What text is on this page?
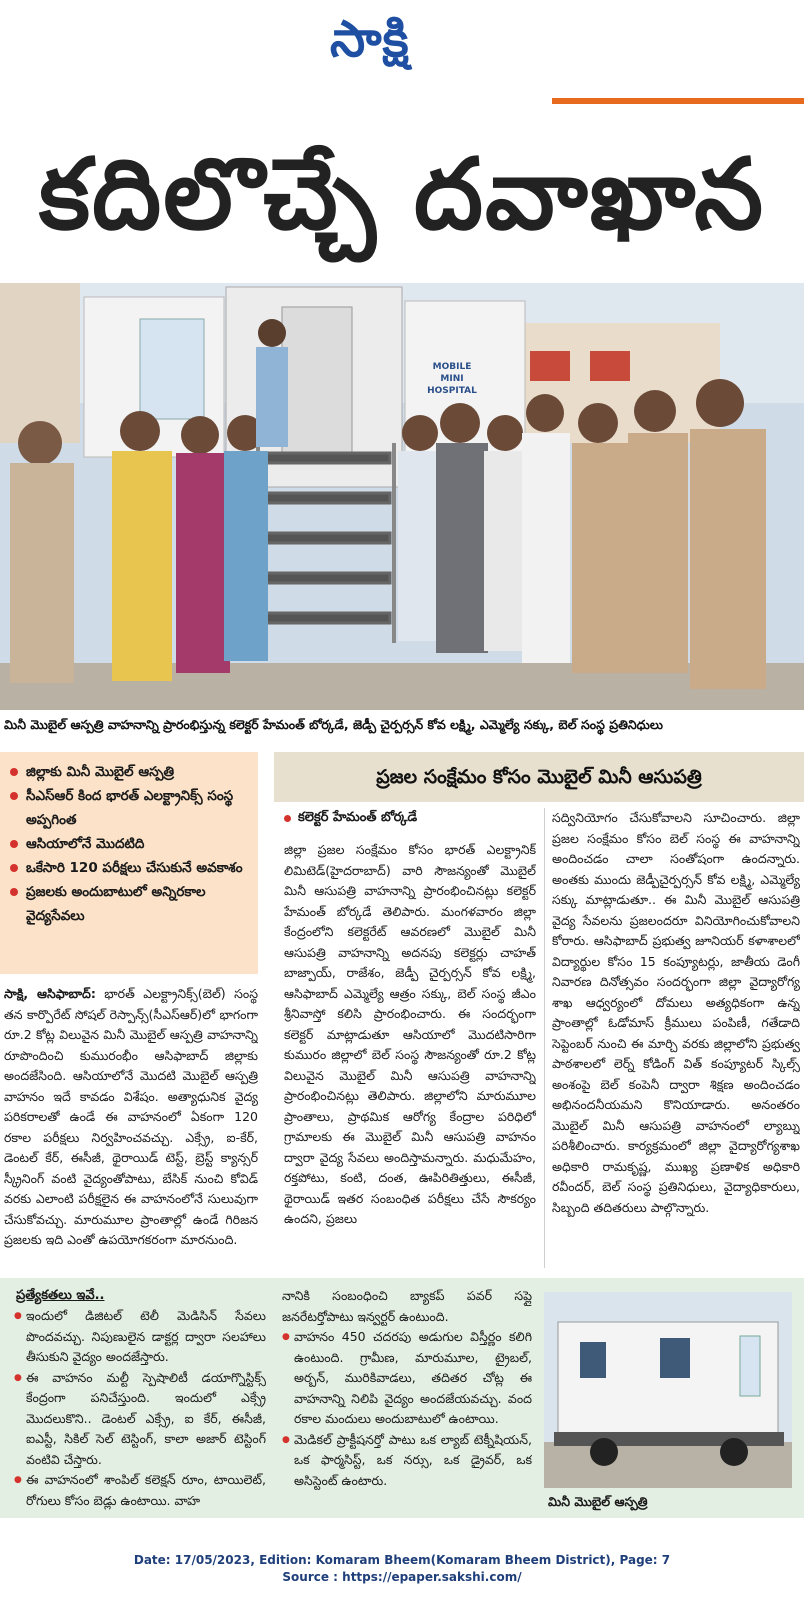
సాక్షి
కదిలొచ్చే దవాఖాన
MOBILE
MINI
HOSPITAL
మినీ మొబైల్ ఆస్పత్రి వాహనాన్ని ప్రారంభిస్తున్న కలెక్టర్ హేమంత్ బోర్కడే, జెడ్పీ చైర్పర్సన్ కోవ లక్ష్మి, ఎమ్మెల్యే సక్కు, బెల్ సంస్థ ప్రతినిధులు
జిల్లాకు మినీ మొబైల్ ఆస్పత్రి
సీఎస్ఆర్ కింద భారత్ ఎలక్ట్రానిక్స్ సంస్థ అప్పగింత
ఆసియాలోనే మొదటిది
ఒకేసారి 120 పరీక్షలు చేసుకునే అవకాశం
ప్రజలకు అందుబాటులో అన్నిరకాల వైద్యసేవలు
సాక్షి, ఆసిఫాబాద్: భారత్ ఎలక్ట్రానిక్స్(బెల్) సంస్థ తన కార్పొరేట్ సోషల్ రెస్పాన్స్(సీఎస్ఆర్)లో భాగంగా రూ.2 కోట్ల విలువైన మినీ మొబైల్ ఆస్పత్రి వాహనాన్ని రూపొందించి కుమురంభీం ఆసిఫాబాద్ జిల్లాకు అందజేసింది. ఆసియాలోనే మొదటి మొబైల్ ఆస్పత్రి వాహనం ఇదే కావడం విశేషం. అత్యాధునిక వైద్య పరికరాలతో ఉండే ఈ వాహనంలో ఏకంగా 120 రకాల పరీక్షలు నిర్వహించవచ్చు. ఎక్స్రే, ఐ-కేర్, డెంటల్ కేర్, ఈసీజీ, థైరాయిడ్ టెస్ట్, బ్రెస్ట్ క్యాన్సర్ స్క్రీనింగ్ వంటి వైద్యంతోపాటు, బేసిక్ నుంచి కోవిడ్ వరకు ఎలాంటి పరీక్షలైన ఈ వాహనంలోనే సులువుగా చేసుకోవచ్చు. మారుమూల ప్రాంతాల్లో ఉండే గిరిజన ప్రజలకు ఇది ఎంతో ఉపయోగకరంగా మారనుంది.
ప్రజల సంక్షేమం కోసం మొబైల్ మినీ ఆసుపత్రి
కలెక్టర్ హేమంత్ బోర్కడే
జిల్లా ప్రజల సంక్షేమం కోసం భారత్ ఎలక్ట్రానిక్ లిమిటెడ్(హైదరాబాద్) వారి సౌజన్యంతో మొబైల్ మినీ ఆసుపత్రి వాహనాన్ని ప్రారంభించినట్లు కలెక్టర్ హేమంత్ బోర్కడే తెలిపారు. మంగళవారం జిల్లా కేంద్రంలోని కలెక్టరేట్ ఆవరణలో మొబైల్ మినీ ఆసుపత్రి వాహనాన్ని అదనపు కలెక్టర్లు చాహత్ బాజ్పాయ్, రాజేశం, జెడ్పీ చైర్పర్సన్ కోవ లక్ష్మి, ఆసిఫాబాద్ ఎమ్మెల్యే ఆత్రం సక్కు, బెల్ సంస్థ జీఎం శ్రీనివాస్తో కలిసి ప్రారంభించారు. ఈ సందర్భంగా కలెక్టర్ మాట్లాడుతూ ఆసియాలో మొదటిసారిగా కుమురం జిల్లాలో బెల్ సంస్థ సౌజన్యంతో రూ.2 కోట్ల విలువైన మొబైల్ మినీ ఆసుపత్రి వాహనాన్ని ప్రారంభించినట్లు తెలిపారు. జిల్లాలోని మారుమూల ప్రాంతాలు, ప్రాథమిక ఆరోగ్య కేంద్రాల పరిధిలో గ్రామాలకు ఈ మొబైల్ మినీ ఆసుపత్రి వాహనం ద్వారా వైద్య సేవలు అందిస్తామన్నారు. మధుమేహం, రక్తపోటు, కంటి, దంత, ఊపిరితిత్తులు, ఈసీజీ, థైరాయిడ్ ఇతర సంబంధిత పరీక్షలు చేసే సౌకర్యం ఉందని, ప్రజలు
సద్వినియోగం చేసుకోవాలని సూచించారు. జిల్లా ప్రజల సంక్షేమం కోసం బెల్ సంస్థ ఈ వాహనాన్ని అందించడం చాలా సంతోషంగా ఉందన్నారు. అంతకు ముందు జెడ్పీచైర్పర్సన్ కోవ లక్ష్మి, ఎమ్మెల్యే సక్కు మాట్లాడుతూ.. ఈ మినీ మొబైల్ ఆసుపత్రి వైద్య సేవలను ప్రజలందరూ వినియోగించుకోవాలని కోరారు. ఆసిఫాబాద్ ప్రభుత్వ జూనియర్ కళాశాలలో విద్యార్థుల కోసం 15 కంప్యూటర్లు, జాతీయ డెంగీ నివారణ దినోత్సవం సందర్భంగా జిల్లా వైద్యారోగ్య శాఖ ఆధ్వర్యంలో దోమలు అత్యధికంగా ఉన్న ప్రాంతాల్లో ఓడోమాస్ క్రీములు పంపిణీ, గతేడాది సెప్టెంబర్ నుంచి ఈ మార్చి వరకు జిల్లాలోని ప్రభుత్వ పాఠశాలలో లెర్న్ కోడింగ్ విత్ కంప్యూటర్ స్కిల్స్ అంశంపై బెల్ కంపెనీ ద్వారా శిక్షణ అందించడం అభినందనీయమని కొనియాడారు. అనంతరం మొబైల్ మినీ ఆసుపత్రి వాహనంలో ల్యాబ్ను పరిశీలించారు. కార్యక్రమంలో జిల్లా వైద్యారోగ్యశాఖ అధికారి రామకృష్ణ, ముఖ్య ప్రణాళిక అధికారి రవీందర్, బెల్ సంస్థ ప్రతినిధులు, వైద్యాధికారులు, సిబ్బంది తదితరులు పాల్గొన్నారు.
ప్రత్యేకతలు ఇవే..

● ఇందులో డిజిటల్ టెలీ మెడిసిన్ సేవలు పొందవచ్చు. నిపుణులైన డాక్టర్ల ద్వారా సలహాలు తీసుకుని వైద్యం అందజేస్తారు.

● ఈ వాహనం మల్టీ స్పెషాలిటీ డయాగ్నొస్టిక్స్ కేంద్రంగా పనిచేస్తుంది. ఇందులో ఎక్స్రే మొదలుకొని.. డెంటల్ ఎక్స్రే, ఐ కేర్, ఈసీజీ, ఐఎస్టీ, సికిల్ సెల్ టెస్టింగ్, కాలా అజార్ టెస్టింగ్ వంటివి చేస్తారు.

● ఈ వాహనంలో శాంపిల్ కలెక్షన్ రూం, టాయిలెట్, రోగులు కోసం బెడ్లు ఉంటాయి. వాహ

నానికి సంబంధించి బ్యాకప్ పవర్ సప్లై జనరేటర్తోపాటు ఇన్వర్టర్ ఉంటుంది.

● వాహనం 450 చదరపు అడుగుల విస్తీర్ణం కలిగి ఉంటుంది. గ్రామీణ, మారుమూల, ట్రైబల్, అర్బన్, మురికివాడలు, తదితర చోట్ల ఈ వాహనాన్ని నిలిపి వైద్యం అందజేయవచ్చు. వంద రకాల మందులు అందుబాటులో ఉంటాయి.

● మెడికల్ ప్రాక్టీషనర్తో పాటు ఒక ల్యాబ్ టెక్నీషియన్, ఒక ఫార్మసిస్ట్, ఒక నర్సు, ఒక డ్రైవర్, ఒక అసిస్టెంట్ ఉంటారు.

మినీ మొబైల్ ఆస్పత్రి
Date: 17/05/2023, Edition: Komaram Bheem(Komaram Bheem District), Page: 7
Source : https://epaper.sakshi.com/
